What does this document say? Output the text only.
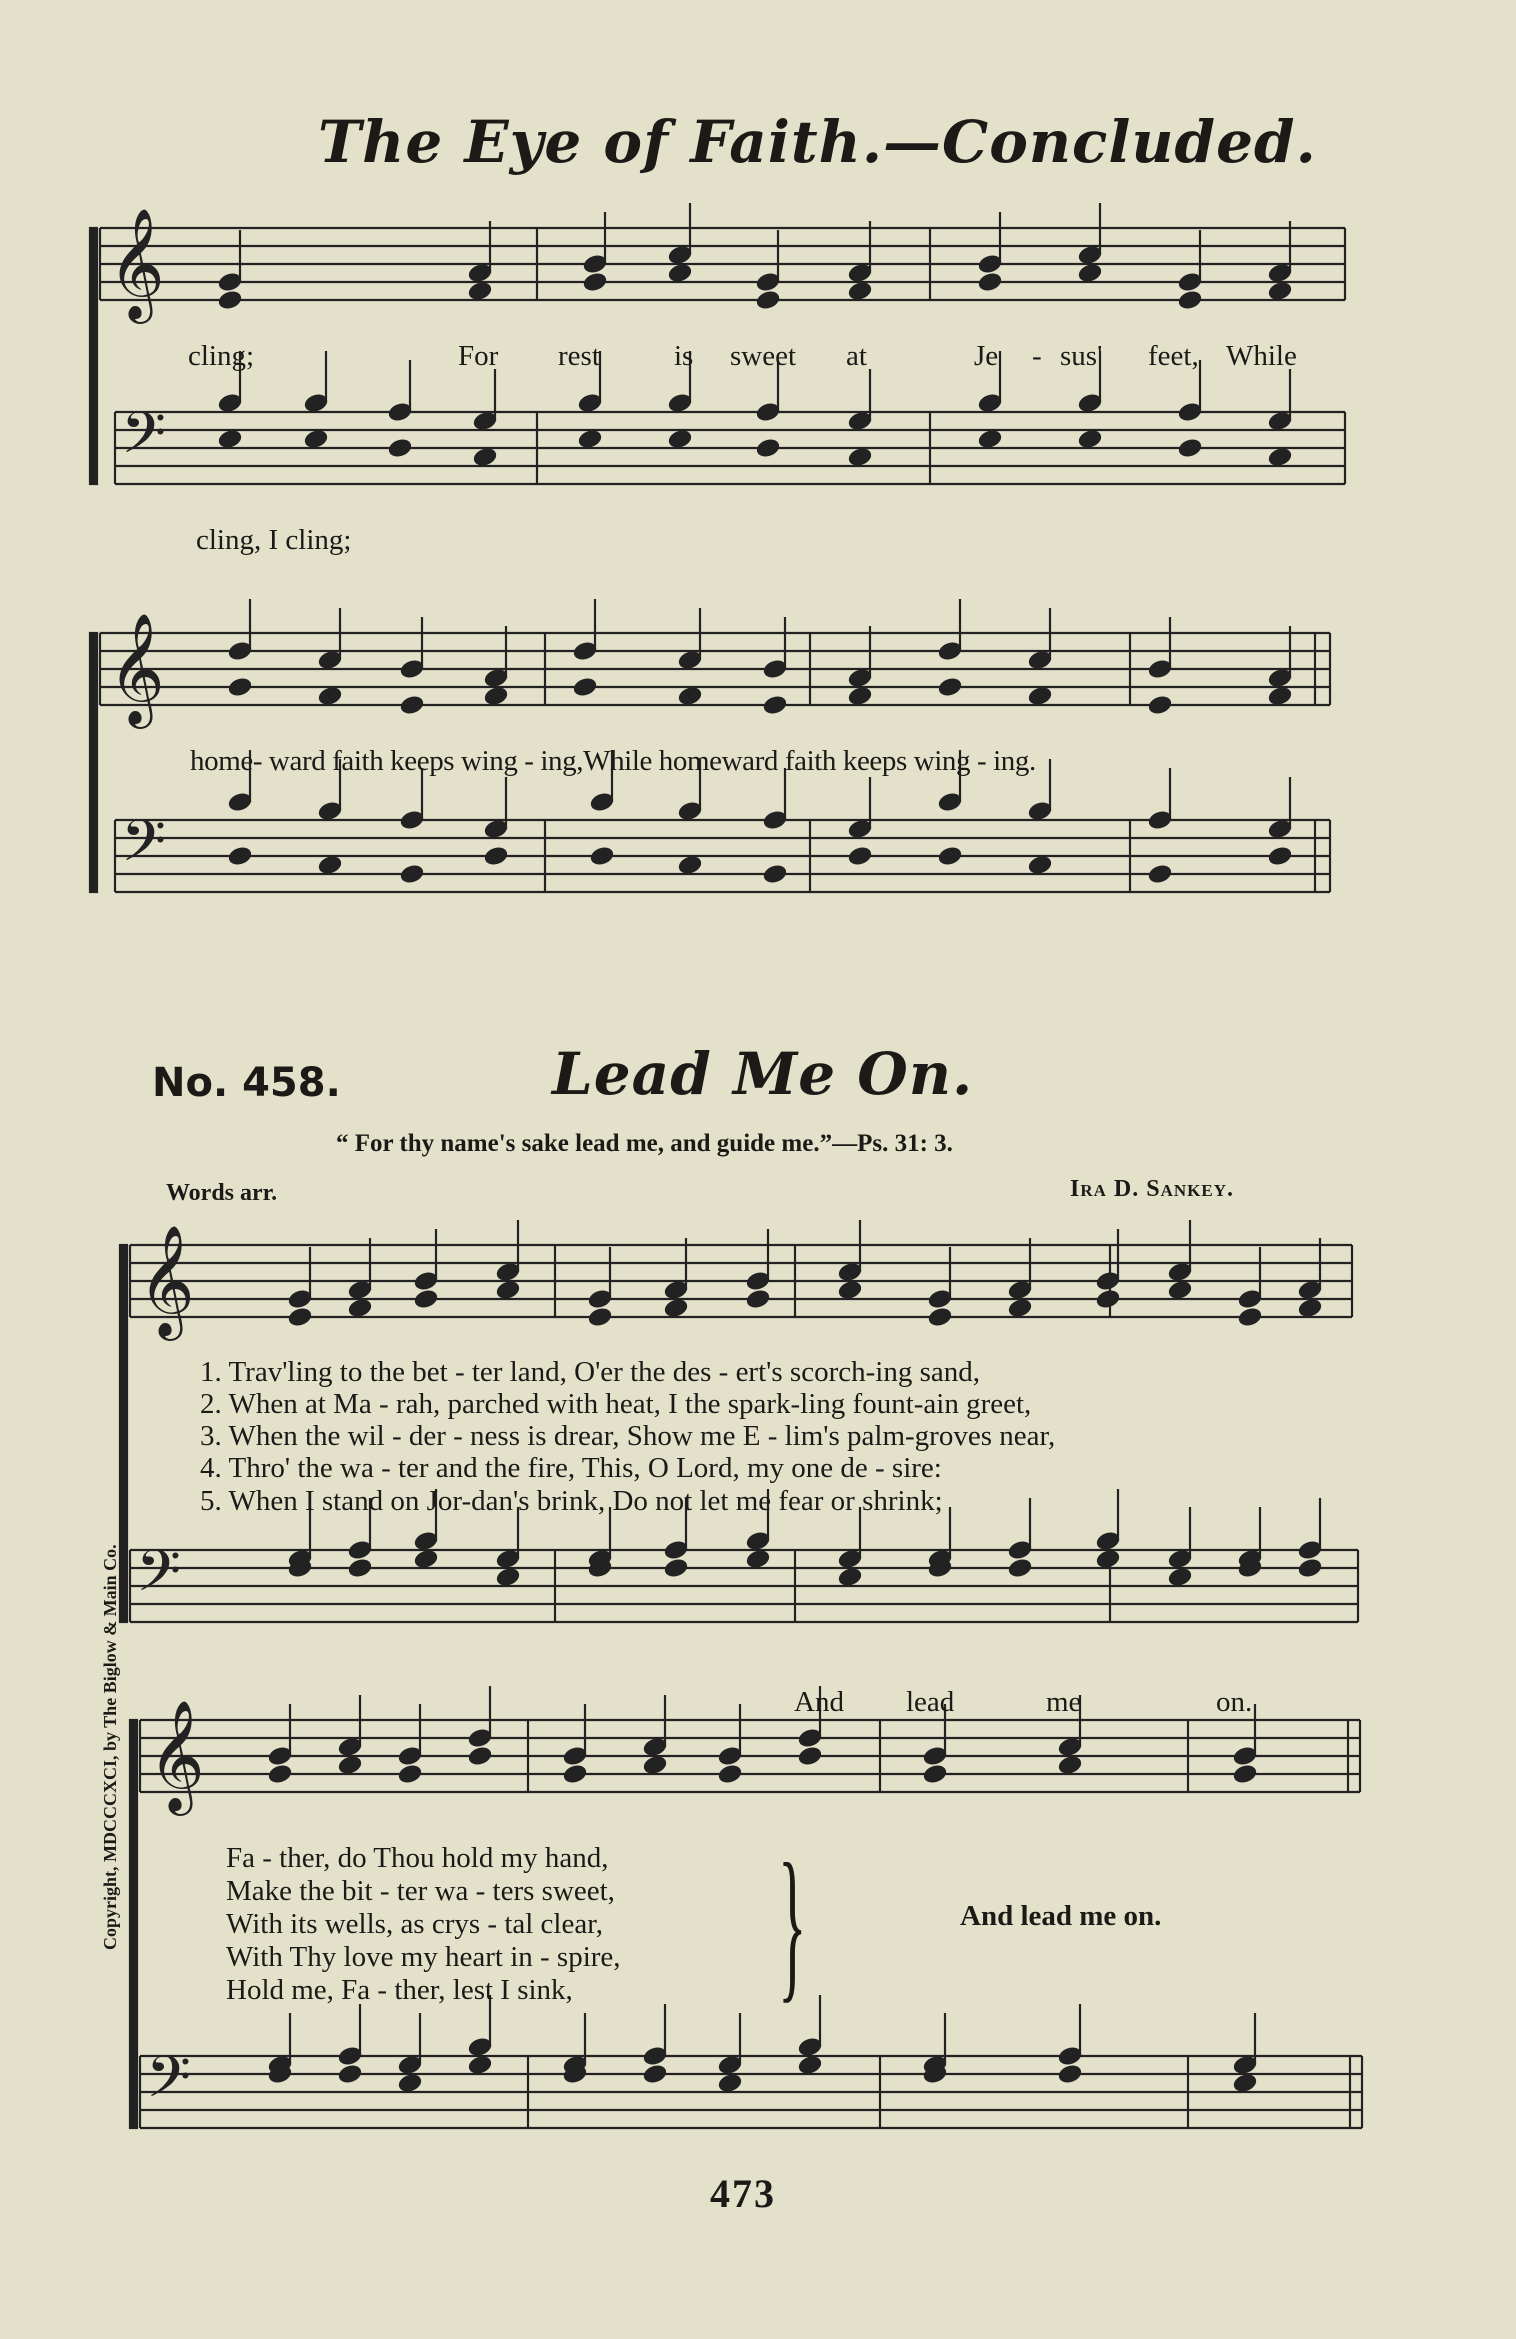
The Eye of Faith.—Concluded.
𝄞
𝄢
𝄞
𝄢
𝄞
𝄢
𝄞
𝄢
cling;	For rest	is sweet at	Je - sus' feet, While
cling, I cling;
home- ward faith keeps wing - ing,While homeward faith keeps wing - ing.
No. 458.	Lead Me On.
“ For thy name's sake lead me, and guide me.”—Ps. 31: 3.
Words arr.	Ira D. Sankey.
1. Trav'ling to the bet - ter land, O'er the des - ert's scorch-ing sand,
2. When at Ma - rah, parched with heat, I the spark-ling fount-ain greet,
3. When the wil - der - ness is drear, Show me E - lim's palm-groves near,
4. Thro' the wa - ter and the fire, This, O Lord, my one de - sire:
5. When I stand on Jor-dan's brink, Do not let me fear or shrink;
And lead	me	on.
Fa - ther, do Thou hold my hand,
Make the bit - ter wa - ters sweet,
With its wells, as crys - tal clear,
With Thy love my heart in - spire,
Hold me, Fa - ther, lest I sink, }	And lead me on.
Copyright, MDCCCXCI, by The Biglow & Main Co.
473
